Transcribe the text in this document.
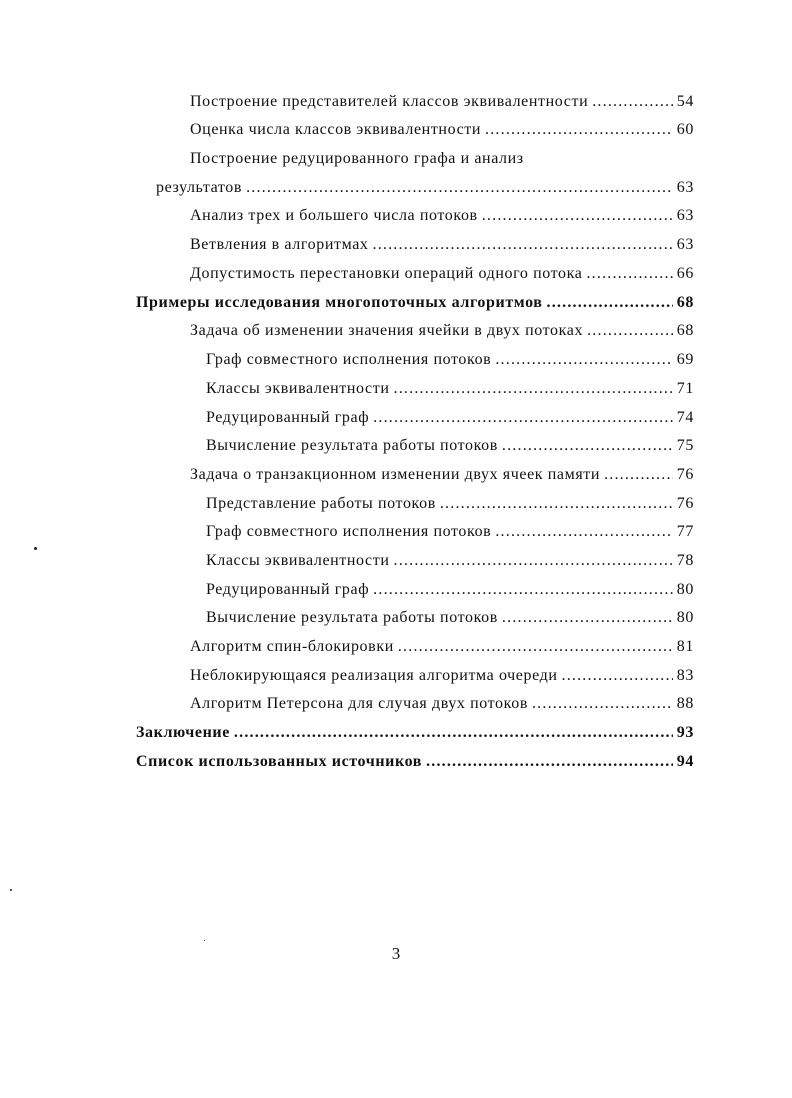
Построение представителей классов эквивалентности .....	54
Оценка числа классов эквивалентности .....	60
Построение редуцированного графа и анализ
результатов .....	63
Анализ трех и большего числа потоков .....	63
Ветвления в алгоритмах .....	63
Допустимость перестановки операций одного потока .....	66
Примеры исследования многопоточных алгоритмов .....	68
Задача об изменении значения ячейки в двух потоках .....	68
Граф совместного исполнения потоков .....	69
Классы эквивалентности .....	71
Редуцированный граф .....	74
Вычисление результата работы потоков .....	75
Задача о транзакционном изменении двух ячеек памяти .....	76
Представление работы потоков .....	76
Граф совместного исполнения потоков .....	77
Классы эквивалентности .....	78
Редуцированный граф .....	80
Вычисление результата работы потоков .....	80
Алгоритм спин-блокировки .....	81
Неблокирующаяся реализация алгоритма очереди .....	83
Алгоритм Петерсона для случая двух потоков .....	88
Заключение .....	93
Список использованных источников .....	94
3
